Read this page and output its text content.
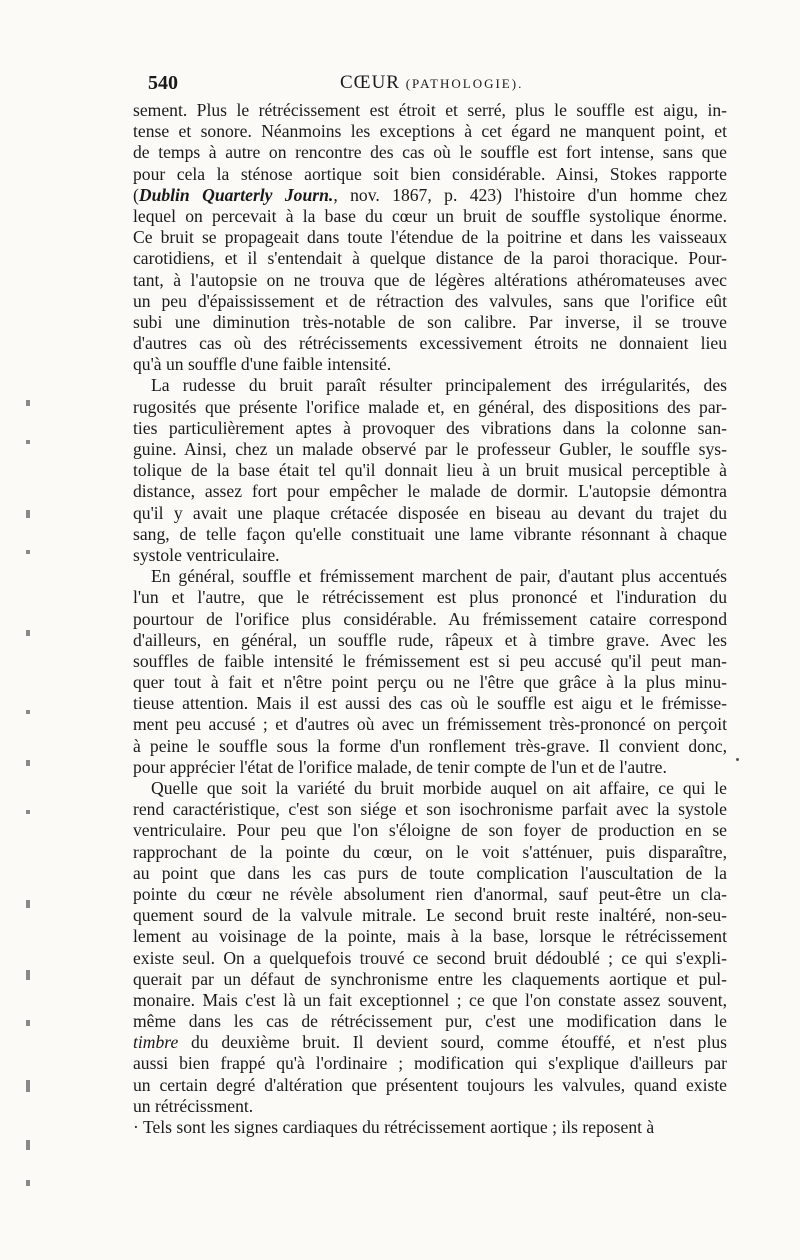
540	CŒUR (PATHOLOGIE).
sement. Plus le rétrécissement est étroit et serré, plus le souffle est aigu, in-
tense et sonore. Néanmoins les exceptions à cet égard ne manquent point, et
de temps à autre on rencontre des cas où le souffle est fort intense, sans que
pour cela la sténose aortique soit bien considérable. Ainsi, Stokes rapporte
(Dublin Quarterly Journ., nov. 1867, p. 423) l'histoire d'un homme chez
lequel on percevait à la base du cœur un bruit de souffle systolique énorme.
Ce bruit se propageait dans toute l'étendue de la poitrine et dans les vaisseaux
carotidiens, et il s'entendait à quelque distance de la paroi thoracique. Pour-
tant, à l'autopsie on ne trouva que de légères altérations athéromateuses avec
un peu d'épaississement et de rétraction des valvules, sans que l'orifice eût
subi une diminution très-notable de son calibre. Par inverse, il se trouve
d'autres cas où des rétrécissements excessivement étroits ne donnaient lieu
qu'à un souffle d'une faible intensité.
La rudesse du bruit paraît résulter principalement des irrégularités, des
rugosités que présente l'orifice malade et, en général, des dispositions des par-
ties particulièrement aptes à provoquer des vibrations dans la colonne san-
guine. Ainsi, chez un malade observé par le professeur Gubler, le souffle sys-
tolique de la base était tel qu'il donnait lieu à un bruit musical perceptible à
distance, assez fort pour empêcher le malade de dormir. L'autopsie démontra
qu'il y avait une plaque crétacée disposée en biseau au devant du trajet du
sang, de telle façon qu'elle constituait une lame vibrante résonnant à chaque
systole ventriculaire.
En général, souffle et frémissement marchent de pair, d'autant plus accentués
l'un et l'autre, que le rétrécissement est plus prononcé et l'induration du
pourtour de l'orifice plus considérable. Au frémissement cataire correspond
d'ailleurs, en général, un souffle rude, râpeux et à timbre grave. Avec les
souffles de faible intensité le frémissement est si peu accusé qu'il peut man-
quer tout à fait et n'être point perçu ou ne l'être que grâce à la plus minu-
tieuse attention. Mais il est aussi des cas où le souffle est aigu et le frémisse-
ment peu accusé ; et d'autres où avec un frémissement très-prononcé on perçoit
à peine le souffle sous la forme d'un ronflement très-grave. Il convient donc,
pour apprécier l'état de l'orifice malade, de tenir compte de l'un et de l'autre.
Quelle que soit la variété du bruit morbide auquel on ait affaire, ce qui le
rend caractéristique, c'est son siége et son isochronisme parfait avec la systole
ventriculaire. Pour peu que l'on s'éloigne de son foyer de production en se
rapprochant de la pointe du cœur, on le voit s'atténuer, puis disparaître,
au point que dans les cas purs de toute complication l'auscultation de la
pointe du cœur ne révèle absolument rien d'anormal, sauf peut-être un cla-
quement sourd de la valvule mitrale. Le second bruit reste inaltéré, non-seu-
lement au voisinage de la pointe, mais à la base, lorsque le rétrécissement
existe seul. On a quelquefois trouvé ce second bruit dédoublé ; ce qui s'expli-
querait par un défaut de synchronisme entre les claquements aortique et pul-
monaire. Mais c'est là un fait exceptionnel ; ce que l'on constate assez souvent,
même dans les cas de rétrécissement pur, c'est une modification dans le
timbre du deuxième bruit. Il devient sourd, comme étouffé, et n'est plus
aussi bien frappé qu'à l'ordinaire ; modification qui s'explique d'ailleurs par
un certain degré d'altération que présentent toujours les valvules, quand existe
un rétrécissment.
· Tels sont les signes cardiaques du rétrécissement aortique ; ils reposent à
